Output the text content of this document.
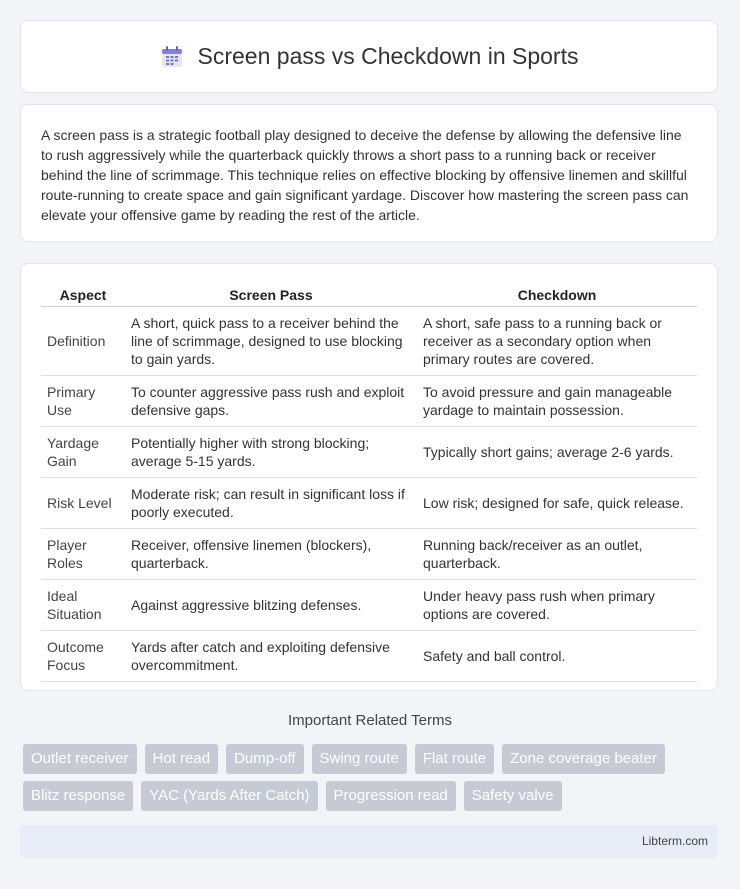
Screen pass vs Checkdown in Sports

A screen pass is a strategic football play designed to deceive the defense by allowing the defensive line to rush aggressively while the quarterback quickly throws a short pass to a running back or receiver behind the line of scrimmage. This technique relies on effective blocking by offensive linemen and skillful route-running to create space and gain significant yardage. Discover how mastering the screen pass can elevate your offensive game by reading the rest of the article.

Aspect	Screen Pass	Checkdown
Definition	A short, quick pass to a receiver behind the line of scrimmage, designed to use blocking to gain yards.	A short, safe pass to a running back or receiver as a secondary option when primary routes are covered.
Primary Use	To counter aggressive pass rush and exploit defensive gaps.	To avoid pressure and gain manageable yardage to maintain possession.
Yardage Gain	Potentially higher with strong blocking; average 5-15 yards.	Typically short gains; average 2-6 yards.
Risk Level	Moderate risk; can result in significant loss if poorly executed.	Low risk; designed for safe, quick release.
Player Roles	Receiver, offensive linemen (blockers), quarterback.	Running back/receiver as an outlet, quarterback.
Ideal Situation	Against aggressive blitzing defenses.	Under heavy pass rush when primary options are covered.
Outcome Focus	Yards after catch and exploiting defensive overcommitment.	Safety and ball control.
Important Related Terms
Outlet receiver	Hot read	Dump-off	Swing route	Flat route	Zone coverage beater
Blitz response	YAC (Yards After Catch)	Progression read	Safety valve
Libterm.com
